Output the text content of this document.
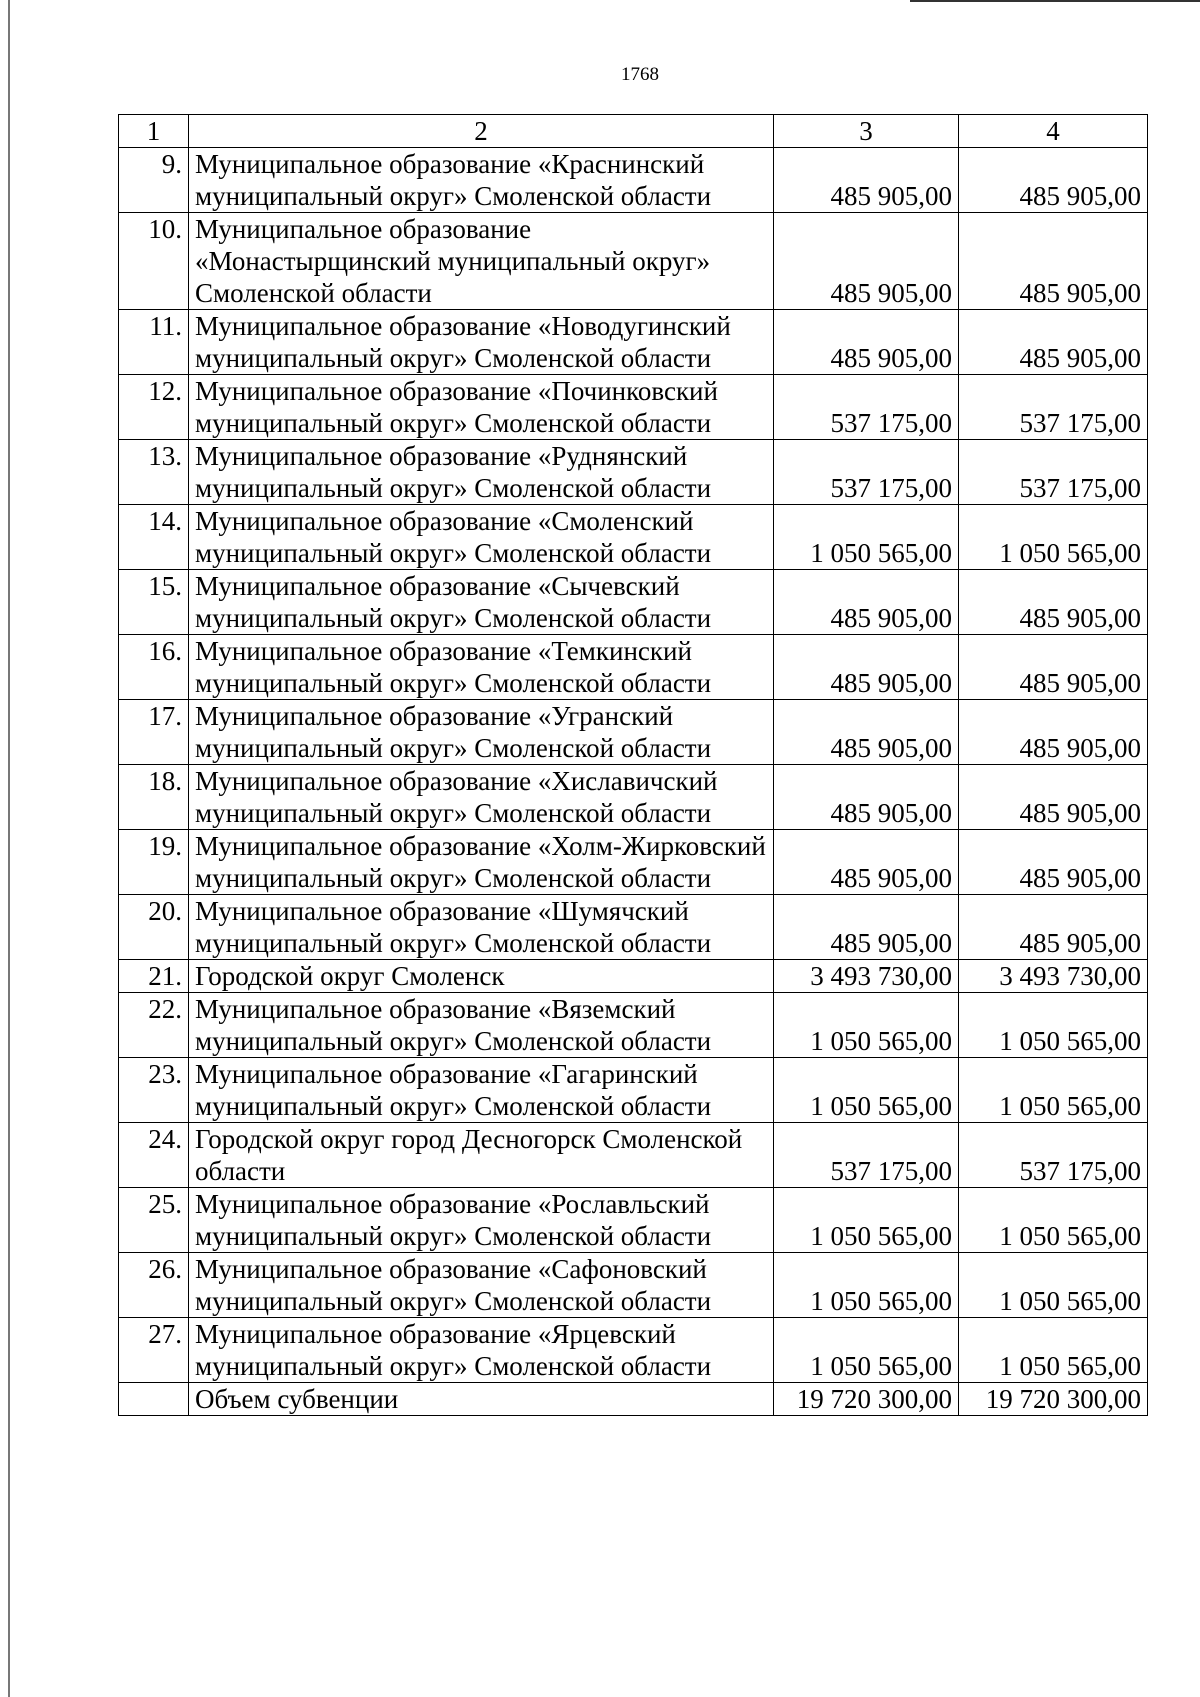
1768
1	2	3	4
9.	Муниципальное образование «Краснинский муниципальный округ» Смоленской области	485 905,00	485 905,00
10.	Муниципальное образование «Монастырщинский муниципальный округ» Смоленской области	485 905,00	485 905,00
11.	Муниципальное образование «Новодугинский муниципальный округ» Смоленской области	485 905,00	485 905,00
12.	Муниципальное образование «Починковский муниципальный округ» Смоленской области	537 175,00	537 175,00
13.	Муниципальное образование «Руднянский муниципальный округ» Смоленской области	537 175,00	537 175,00
14.	Муниципальное образование «Смоленский муниципальный округ» Смоленской области	1 050 565,00	1 050 565,00
15.	Муниципальное образование «Сычевский муниципальный округ» Смоленской области	485 905,00	485 905,00
16.	Муниципальное образование «Темкинский муниципальный округ» Смоленской области	485 905,00	485 905,00
17.	Муниципальное образование «Угранский муниципальный округ» Смоленской области	485 905,00	485 905,00
18.	Муниципальное образование «Хиславичский муниципальный округ» Смоленской области	485 905,00	485 905,00
19.	Муниципальное образование «Холм-Жирковский муниципальный округ» Смоленской области	485 905,00	485 905,00
20.	Муниципальное образование «Шумячский муниципальный округ» Смоленской области	485 905,00	485 905,00
21.	Городской округ Смоленск	3 493 730,00	3 493 730,00
22.	Муниципальное образование «Вяземский муниципальный округ» Смоленской области	1 050 565,00	1 050 565,00
23.	Муниципальное образование «Гагаринский муниципальный округ» Смоленской области	1 050 565,00	1 050 565,00
24.	Городской округ город Десногорск Смоленской области	537 175,00	537 175,00
25.	Муниципальное образование «Рославльский муниципальный округ» Смоленской области	1 050 565,00	1 050 565,00
26.	Муниципальное образование «Сафоновский муниципальный округ» Смоленской области	1 050 565,00	1 050 565,00
27.	Муниципальное образование «Ярцевский муниципальный округ» Смоленской области	1 050 565,00	1 050 565,00
	Объем субвенции	19 720 300,00	19 720 300,00
